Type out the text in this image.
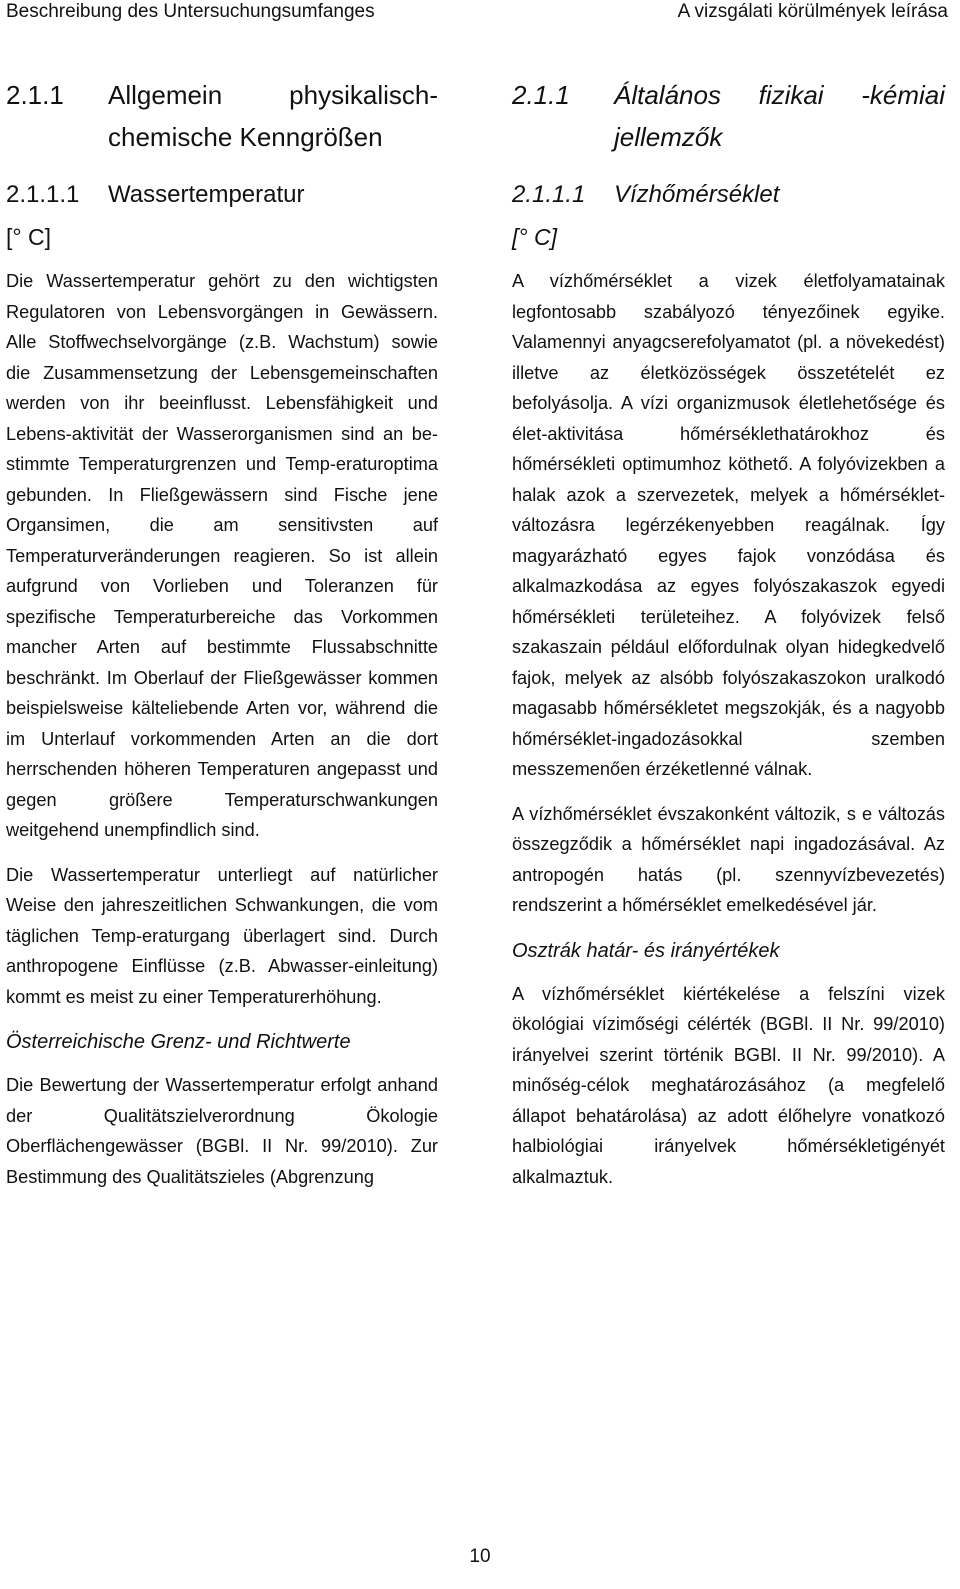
Beschreibung des Untersuchungsumfanges	A vizsgálati körülmények leírása
2.1.1	Allgemein physikalisch-
chemische Kenngrößen
2.1.1.1	Wassertemperatur
[° C]

Die Wassertemperatur gehört zu den wichtigsten Regulatoren von Lebensvorgängen in Gewässern. Alle Stoffwechselvorgänge (z.B. Wachstum) sowie die Zusammensetzung der Lebensgemeinschaften werden von ihr beeinflusst. Lebensfähigkeit und Lebens-aktivität der Wasserorganismen sind an be-stimmte Temperaturgrenzen und Temp-eraturoptima gebunden. In Fließgewässern sind Fische jene Organsimen, die am sensitivsten auf Temperaturveränderungen reagieren. So ist allein aufgrund von Vorlieben und Toleranzen für spezifische Temperaturbereiche das Vorkommen mancher Arten auf bestimmte Flussabschnitte beschränkt. Im Oberlauf der Fließgewässer kommen beispielsweise kälteliebende Arten vor, während die im Unterlauf vorkommenden Arten an die dort herrschenden höheren Temperaturen angepasst und gegen größere Temperaturschwankungen weitgehend unempfindlich sind.

Die Wassertemperatur unterliegt auf natürlicher Weise den jahreszeitlichen Schwankungen, die vom täglichen Temp-eraturgang überlagert sind. Durch anthropogene Einflüsse (z.B. Abwasser-einleitung) kommt es meist zu einer Temperaturerhöhung.

Österreichische Grenz- und Richtwerte

Die Bewertung der Wassertemperatur erfolgt anhand der Qualitätszielverordnung Ökologie Oberflächengewässer (BGBl. II Nr. 99/2010). Zur Bestimmung des Qualitätszieles (Abgrenzung

2.1.1	Általános fizikai -kémiai
jellemzők
2.1.1.1	Vízhőmérséklet
[° C]

A vízhőmérséklet a vizek életfolyamatainak legfontosabb szabályozó tényezőinek egyike. Valamennyi anyagcserefolyamatot (pl. a növekedést) illetve az életközösségek összetételét ez befolyásolja. A vízi organizmusok életlehetősége és élet-aktivitása hőmérséklethatárokhoz és hőmérsékleti optimumhoz köthető. A folyóvizekben a halak azok a szervezetek, melyek a hőmérséklet-változásra legérzékenyebben reagálnak. Így magyarázható egyes fajok vonzódása és alkalmazkodása az egyes folyószakaszok egyedi hőmérsékleti területeihez. A folyóvizek felső szakaszain például előfordulnak olyan hidegkedvelő fajok, melyek az alsóbb folyószakaszokon uralkodó magasabb hőmérsékletet megszokják, és a nagyobb hőmérséklet-ingadozásokkal szemben messzemenően érzéketlenné válnak.

A vízhőmérséklet évszakonként változik, s e változás összegződik a hőmérséklet napi ingadozásával. Az antropogén hatás (pl. szennyvízbevezetés) rendszerint a hőmérséklet emelkedésével jár.

Osztrák határ- és irányértékek

A vízhőmérséklet kiértékelése a felszíni vizek ökológiai vízimőségi célérték (BGBl. II Nr. 99/2010) irányelvei szerint történik BGBl. II Nr. 99/2010). A minőség-célok meghatározásához (a megfelelő állapot behatárolása) az adott élőhelyre vonatkozó halbiológiai irányelvek hőmérsékletigényét alkalmaztuk.

10
